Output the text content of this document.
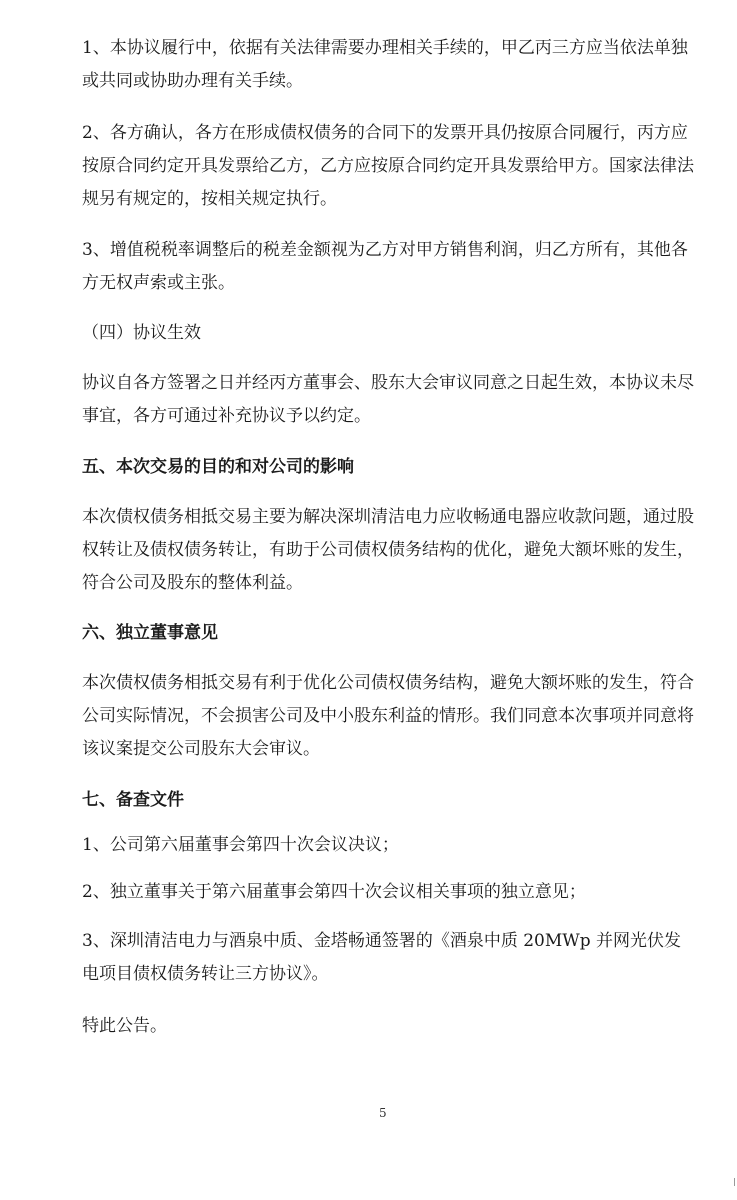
1、本协议履行中，依据有关法律需要办理相关手续的，甲乙丙三方应当依法单独或共同或协助办理有关手续。

2、各方确认，各方在形成债权债务的合同下的发票开具仍按原合同履行，丙方应按原合同约定开具发票给乙方，乙方应按原合同约定开具发票给甲方。国家法律法规另有规定的，按相关规定执行。

3、增值税税率调整后的税差金额视为乙方对甲方销售利润，归乙方所有，其他各方无权声索或主张。

（四）协议生效

协议自各方签署之日并经丙方董事会、股东大会审议同意之日起生效，本协议未尽事宜，各方可通过补充协议予以约定。

五、本次交易的目的和对公司的影响

本次债权债务相抵交易主要为解决深圳清洁电力应收畅通电器应收款问题，通过股权转让及债权债务转让，有助于公司债权债务结构的优化，避免大额坏账的发生，符合公司及股东的整体利益。

六、独立董事意见

本次债权债务相抵交易有利于优化公司债权债务结构，避免大额坏账的发生，符合公司实际情况，不会损害公司及中小股东利益的情形。我们同意本次事项并同意将该议案提交公司股东大会审议。

七、备查文件

1、公司第六届董事会第四十次会议决议；

2、独立董事关于第六届董事会第四十次会议相关事项的独立意见；

3、深圳清洁电力与酒泉中质、金塔畅通签署的《酒泉中质 20MWp 并网光伏发电项目债权债务转让三方协议》。

特此公告。

5
